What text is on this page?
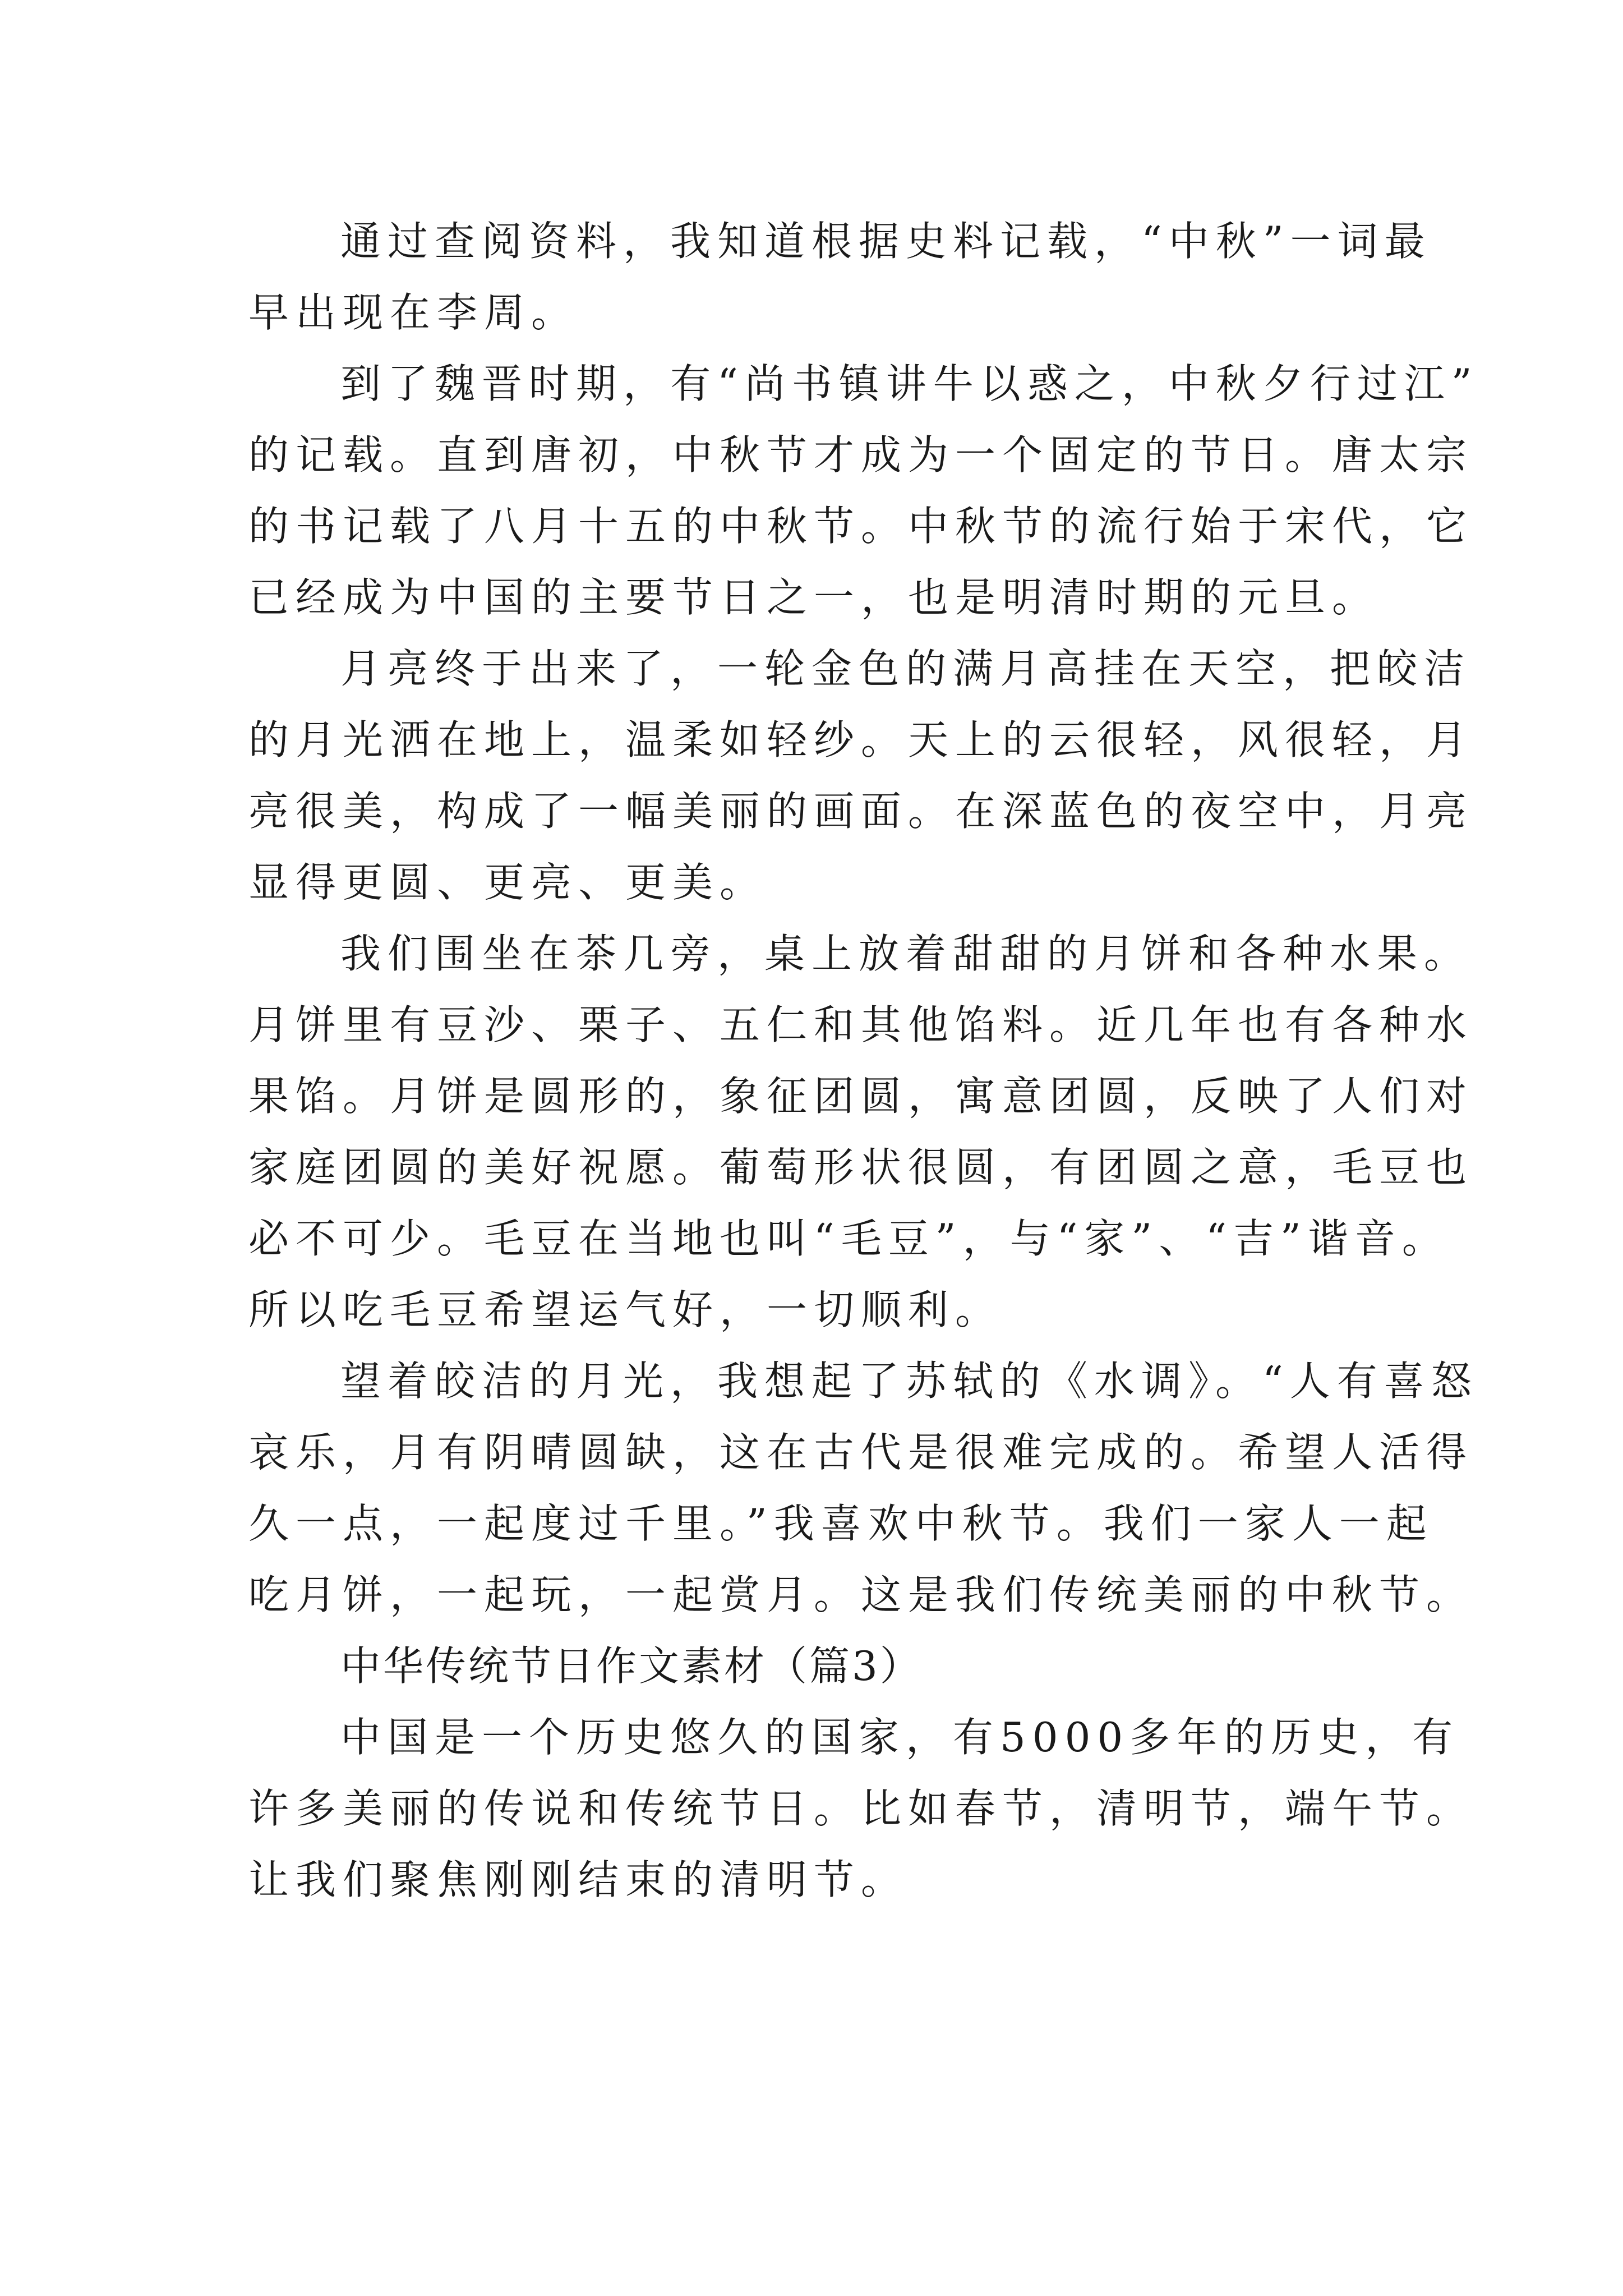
通过查阅资料，我知道根据史料记载，“中秋”一词最
早出现在李周。
到了魏晋时期，有“尚书镇讲牛以惑之，中秋夕行过江”
的记载。直到唐初，中秋节才成为一个固定的节日。唐太宗
的书记载了八月十五的中秋节。中秋节的流行始于宋代，它
已经成为中国的主要节日之一，也是明清时期的元旦。
月亮终于出来了，一轮金色的满月高挂在天空，把皎洁
的月光洒在地上，温柔如轻纱。天上的云很轻，风很轻，月
亮很美，构成了一幅美丽的画面。在深蓝色的夜空中，月亮
显得更圆、更亮、更美。
我们围坐在茶几旁，桌上放着甜甜的月饼和各种水果。
月饼里有豆沙、栗子、五仁和其他馅料。近几年也有各种水
果馅。月饼是圆形的，象征团圆，寓意团圆，反映了人们对
家庭团圆的美好祝愿。葡萄形状很圆，有团圆之意，毛豆也
必不可少。毛豆在当地也叫“毛豆”，与“家”、“吉”谐音。
所以吃毛豆希望运气好，一切顺利。
望着皎洁的月光，我想起了苏轼的《水调》。“人有喜怒
哀乐，月有阴晴圆缺，这在古代是很难完成的。希望人活得
久一点，一起度过千里。”我喜欢中秋节。我们一家人一起
吃月饼，一起玩，一起赏月。这是我们传统美丽的中秋节。
中华传统节日作文素材（篇3）
中国是一个历史悠久的国家，有5000多年的历史，有
许多美丽的传说和传统节日。比如春节，清明节，端午节。
让我们聚焦刚刚结束的清明节。
